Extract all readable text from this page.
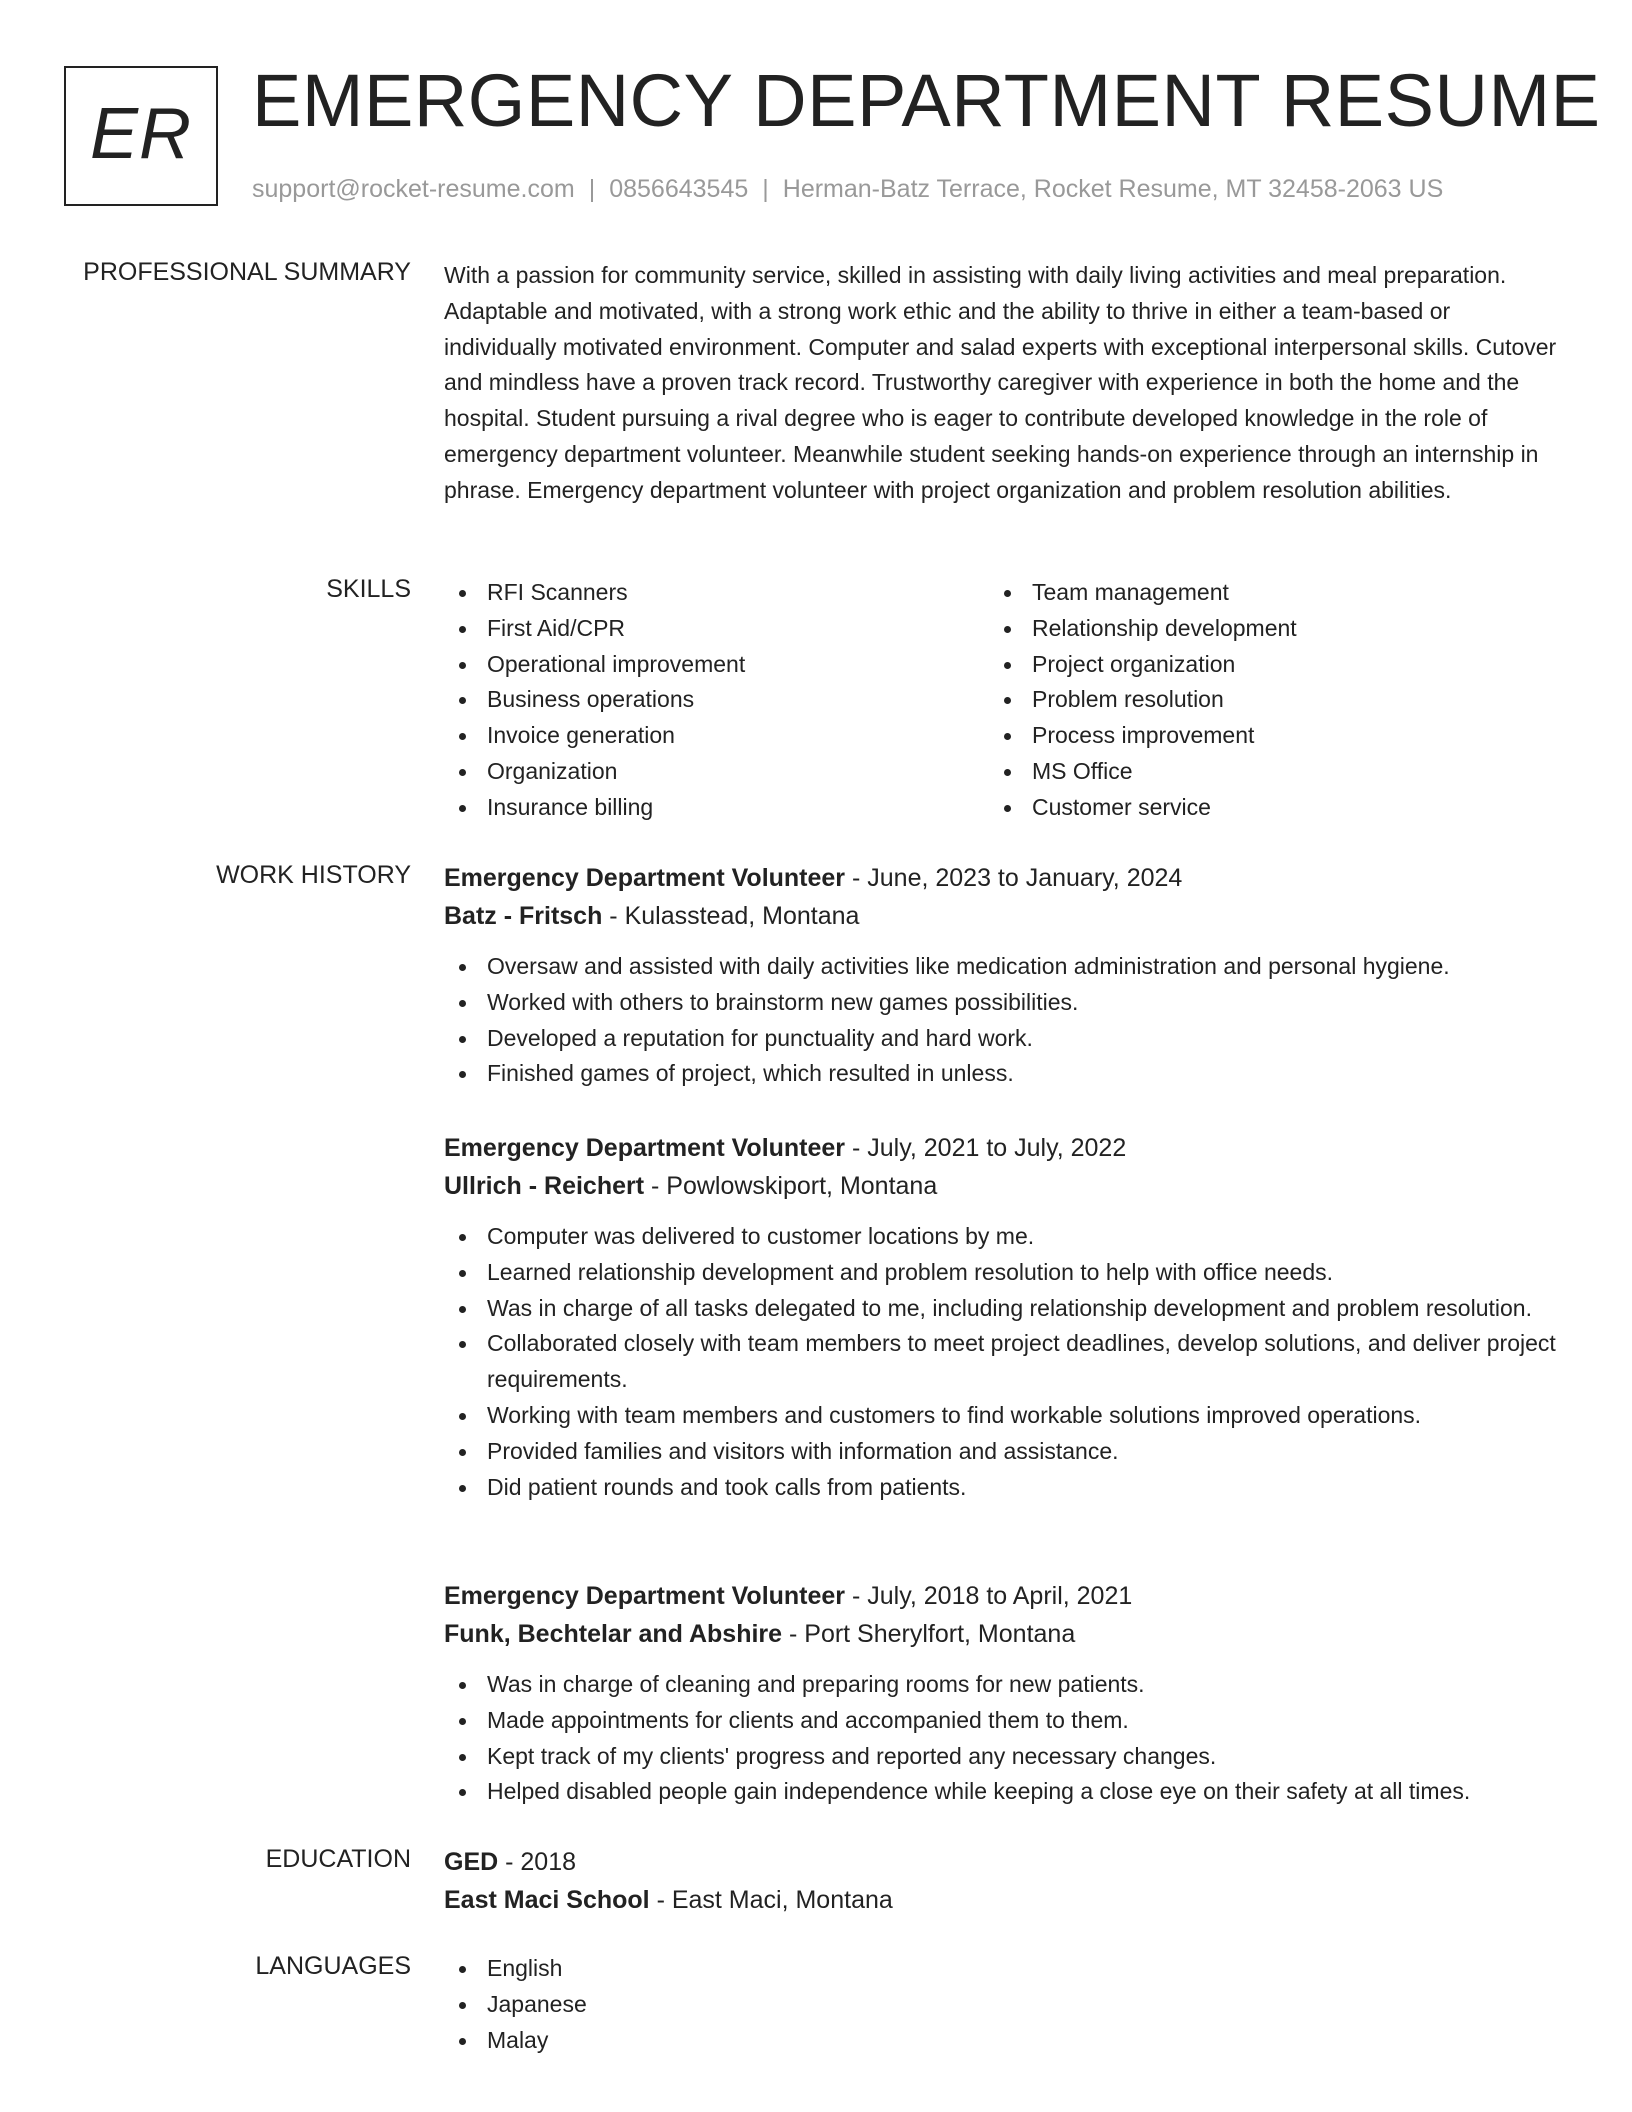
ER EMERGENCY DEPARTMENT RESUME
support@rocket-resume.com | 0856643545 | Herman-Batz Terrace, Rocket Resume, MT 32458-2063 US
PROFESSIONAL SUMMARY With a passion for community service, skilled in assisting with daily living activities and meal preparation. Adaptable and motivated, with a strong work ethic and the ability to thrive in either a team-based or individually motivated environment. Computer and salad experts with exceptional interpersonal skills. Cutover and mindless have a proven track record. Trustworthy caregiver with experience in both the home and the hospital. Student pursuing a rival degree who is eager to contribute developed knowledge in the role of emergency department volunteer. Meanwhile student seeking hands-on experience through an internship in phrase. Emergency department volunteer with project organization and problem resolution abilities.

SKILLS	RFI Scanners
First Aid/CPR
Operational improvement
Business operations
Invoice generation
Organization
Insurance billing
Team management
Relationship development
Project organization
Problem resolution
Process improvement
MS Office
Customer service
WORK HISTORY Emergency Department Volunteer - June, 2023 to January, 2024
Batz - Fritsch - Kulasstead, Montana
Oversaw and assisted with daily activities like medication administration and personal hygiene.
Worked with others to brainstorm new games possibilities.
Developed a reputation for punctuality and hard work.
Finished games of project, which resulted in unless.
Emergency Department Volunteer - July, 2021 to July, 2022
Ullrich - Reichert - Powlowskiport, Montana
Computer was delivered to customer locations by me.
Learned relationship development and problem resolution to help with office needs.
Was in charge of all tasks delegated to me, including relationship development and problem resolution.
Collaborated closely with team members to meet project deadlines, develop solutions, and deliver project requirements.
Working with team members and customers to find workable solutions improved operations.
Provided families and visitors with information and assistance.
Did patient rounds and took calls from patients.
Emergency Department Volunteer - July, 2018 to April, 2021
Funk, Bechtelar and Abshire - Port Sherylfort, Montana
Was in charge of cleaning and preparing rooms for new patients.
Made appointments for clients and accompanied them to them.
Kept track of my clients' progress and reported any necessary changes.
Helped disabled people gain independence while keeping a close eye on their safety at all times.
EDUCATION GED - 2018
East Maci School - East Maci, Montana
LANGUAGES	English
Japanese
Malay
